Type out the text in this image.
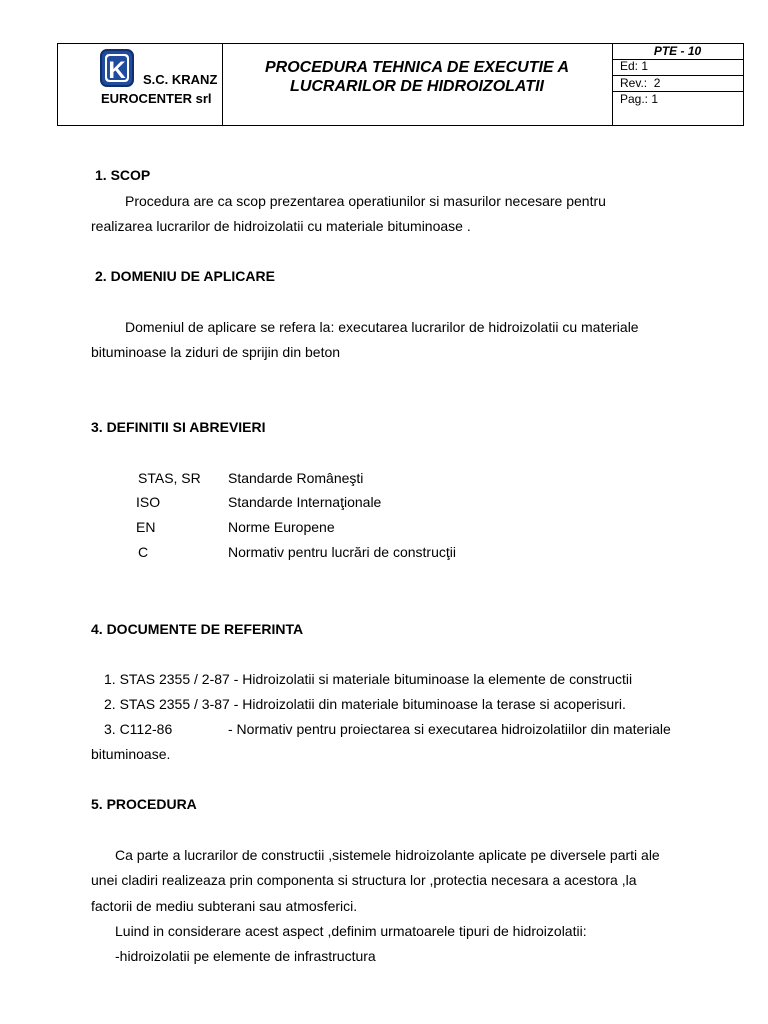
K S.C. KRANZ
EUROCENTER srl
PROCEDURA TEHNICA DE EXECUTIE A
LUCRARILOR DE HIDROIZOLATII
PTE - 10
Ed: 1
Rev.:  2
Pag.: 1
1. SCOP
Procedura are ca scop prezentarea operatiunilor si masurilor necesare pentru
realizarea lucrarilor de hidroizolatii cu materiale bituminoase .
2. DOMENIU DE APLICARE
Domeniul de aplicare se refera la: executarea lucrarilor de hidroizolatii cu materiale
bituminoase la ziduri de sprijin din beton
3. DEFINITII SI ABREVIERI
STAS, SR Standarde Româneşti
ISO	Standarde Internaţionale
EN	Norme Europene
C	Normativ pentru lucrări de construcţii
4. DOCUMENTE DE REFERINTA
1. STAS 2355 / 2-87 - Hidroizolatii si materiale bituminoase la elemente de constructii
2. STAS 2355 / 3-87 - Hidroizolatii din materiale bituminoase la terase si acoperisuri.
3. C112-86	- Normativ pentru proiectarea si executarea hidroizolatiilor din materiale
bituminoase.
5. PROCEDURA
Ca parte a lucrarilor de constructii ,sistemele hidroizolante aplicate pe diversele parti ale
unei cladiri realizeaza prin componenta si structura lor ,protectia necesara a acestora ,la
factorii de mediu subterani sau atmosferici.
Luind in considerare acest aspect ,definim urmatoarele tipuri de hidroizolatii:
-hidroizolatii pe elemente de infrastructura
